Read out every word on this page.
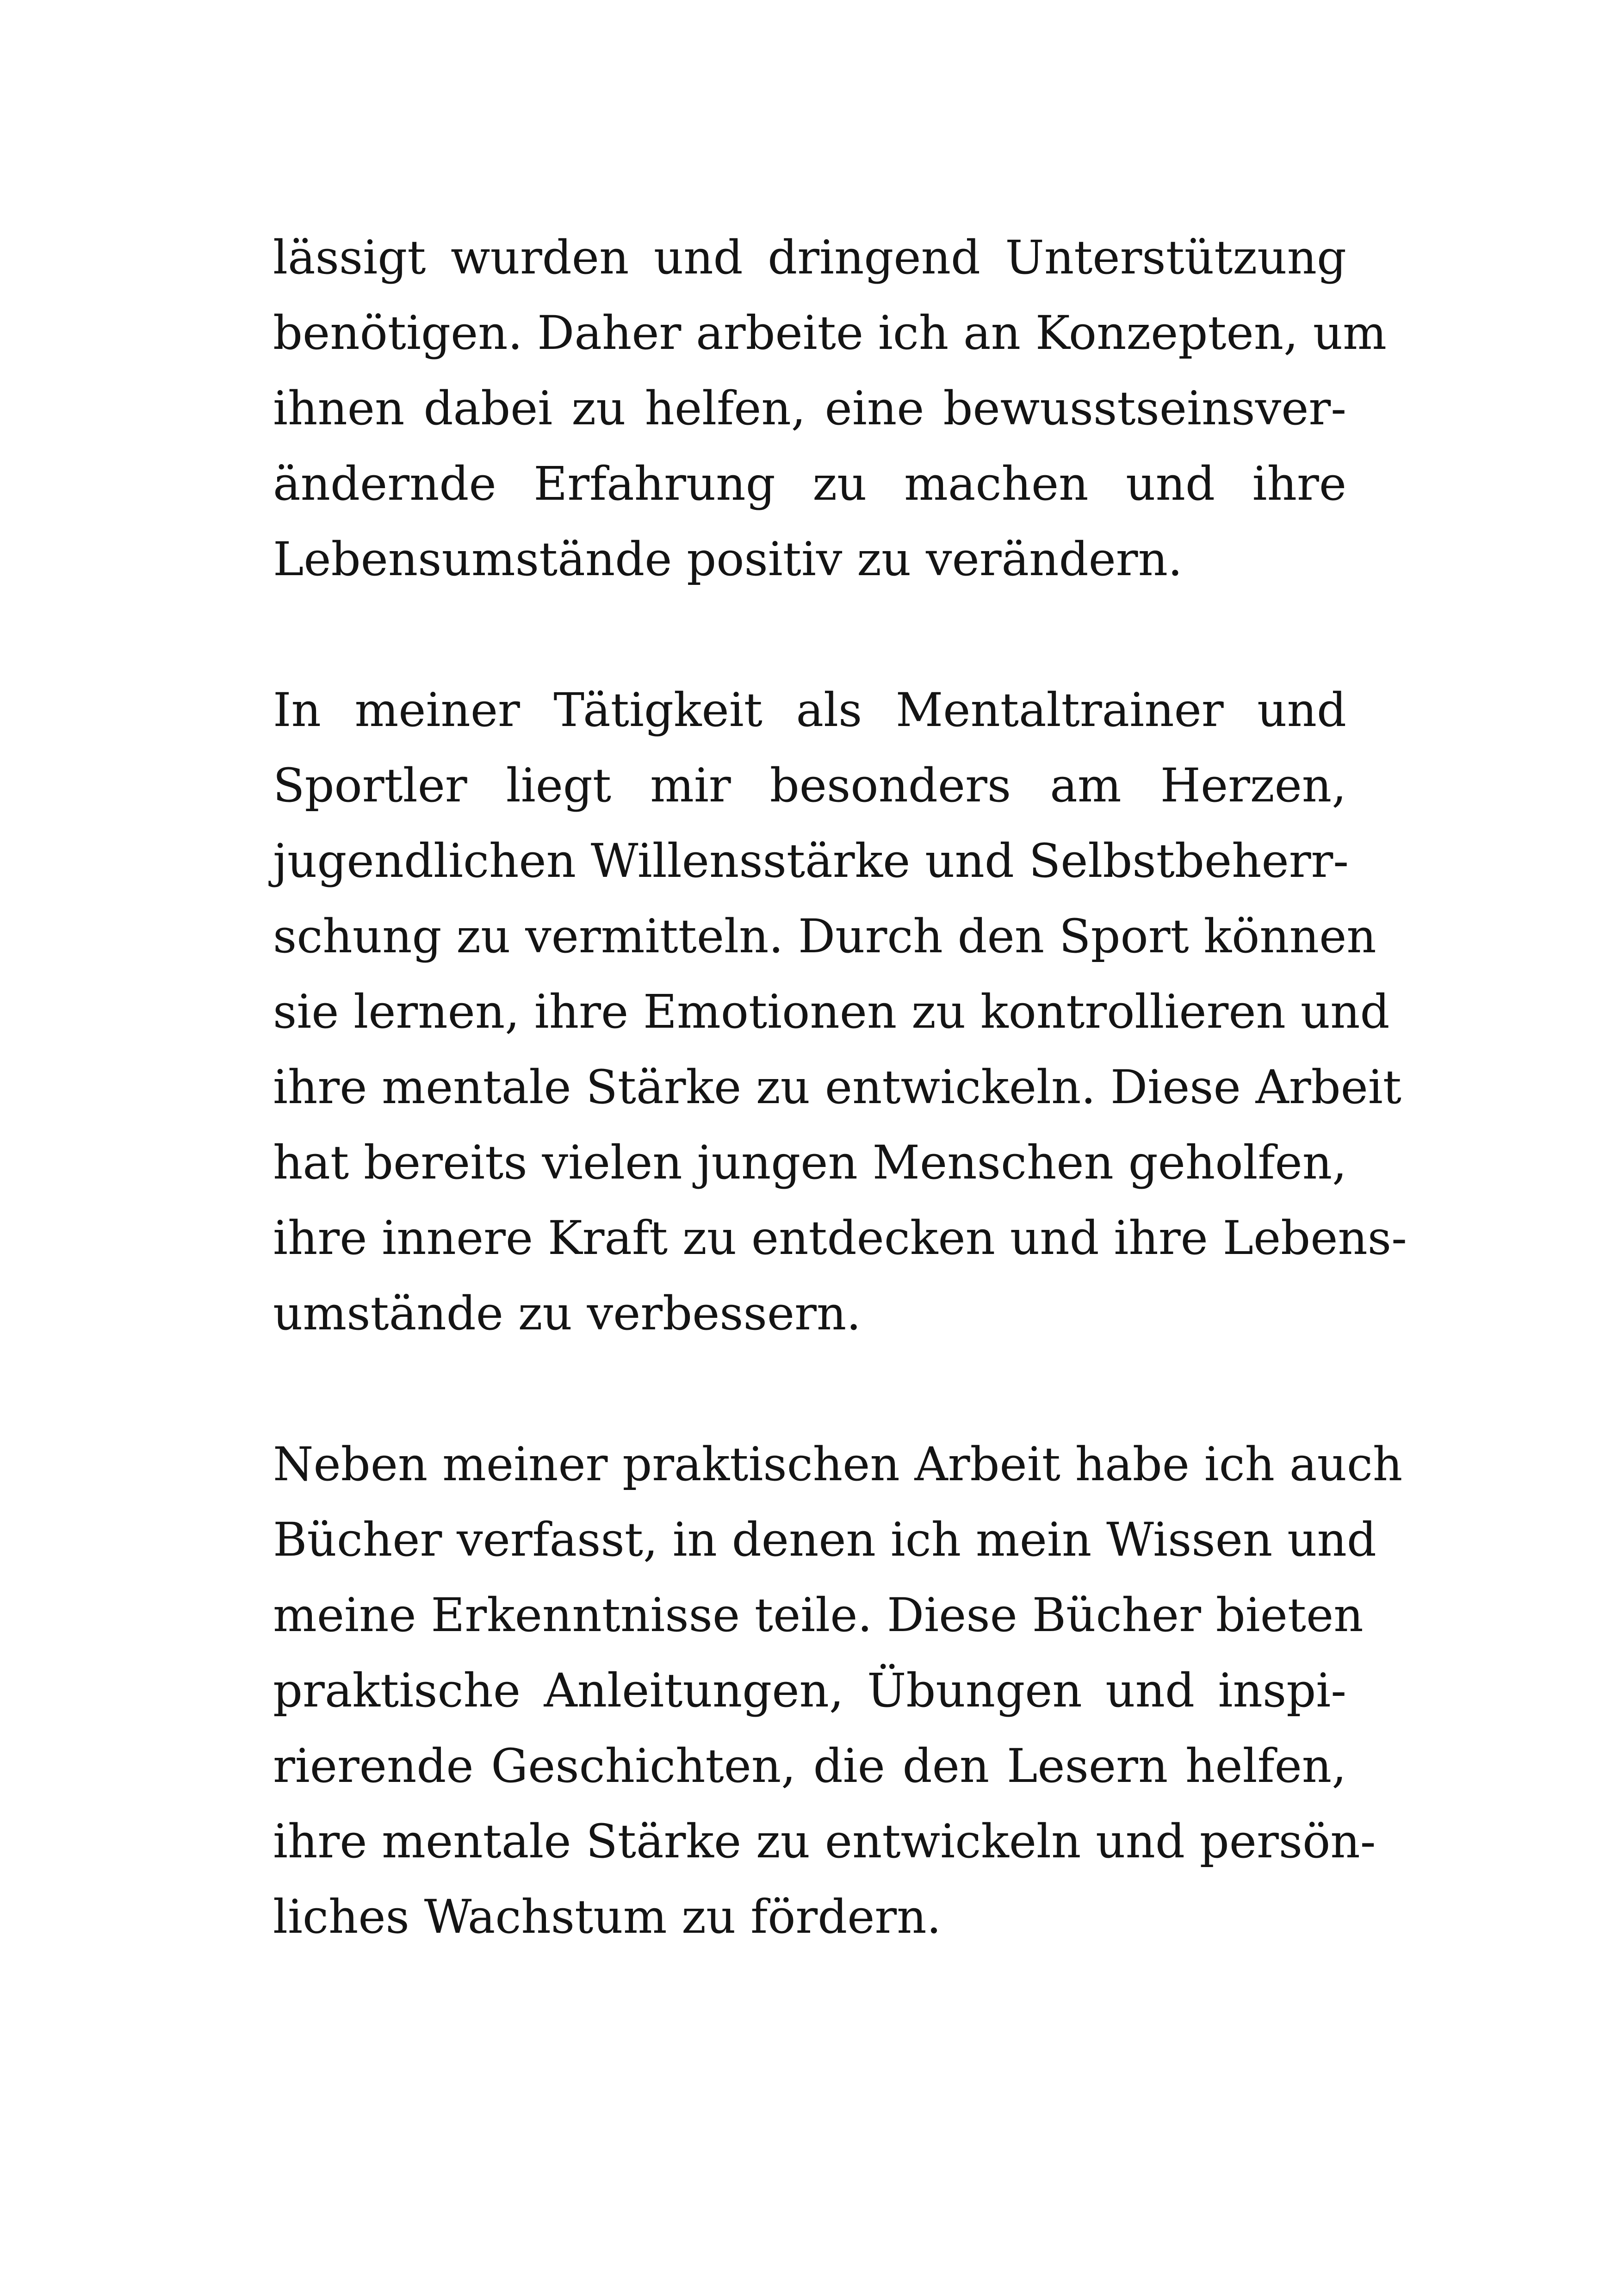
lässigt wurden und dringend Unterstützung
benötigen. Daher arbeite ich an Konzepten, um
ihnen dabei zu helfen, eine bewusstseinsver-
ändernde Erfahrung zu machen und ihre
Lebensumstände positiv zu verändern.
In meiner Tätigkeit als Mentaltrainer und
Sportler liegt mir besonders am Herzen,
jugendlichen Willensstärke und Selbstbeherr-
schung zu vermitteln. Durch den Sport können
sie lernen, ihre Emotionen zu kontrollieren und
ihre mentale Stärke zu entwickeln. Diese Arbeit
hat bereits vielen jungen Menschen geholfen,
ihre innere Kraft zu entdecken und ihre Lebens-
umstände zu verbessern.
Neben meiner praktischen Arbeit habe ich auch
Bücher verfasst, in denen ich mein Wissen und
meine Erkenntnisse teile. Diese Bücher bieten
praktische Anleitungen, Übungen und inspi-
rierende Geschichten, die den Lesern helfen,
ihre mentale Stärke zu entwickeln und persön-
liches Wachstum zu fördern.
